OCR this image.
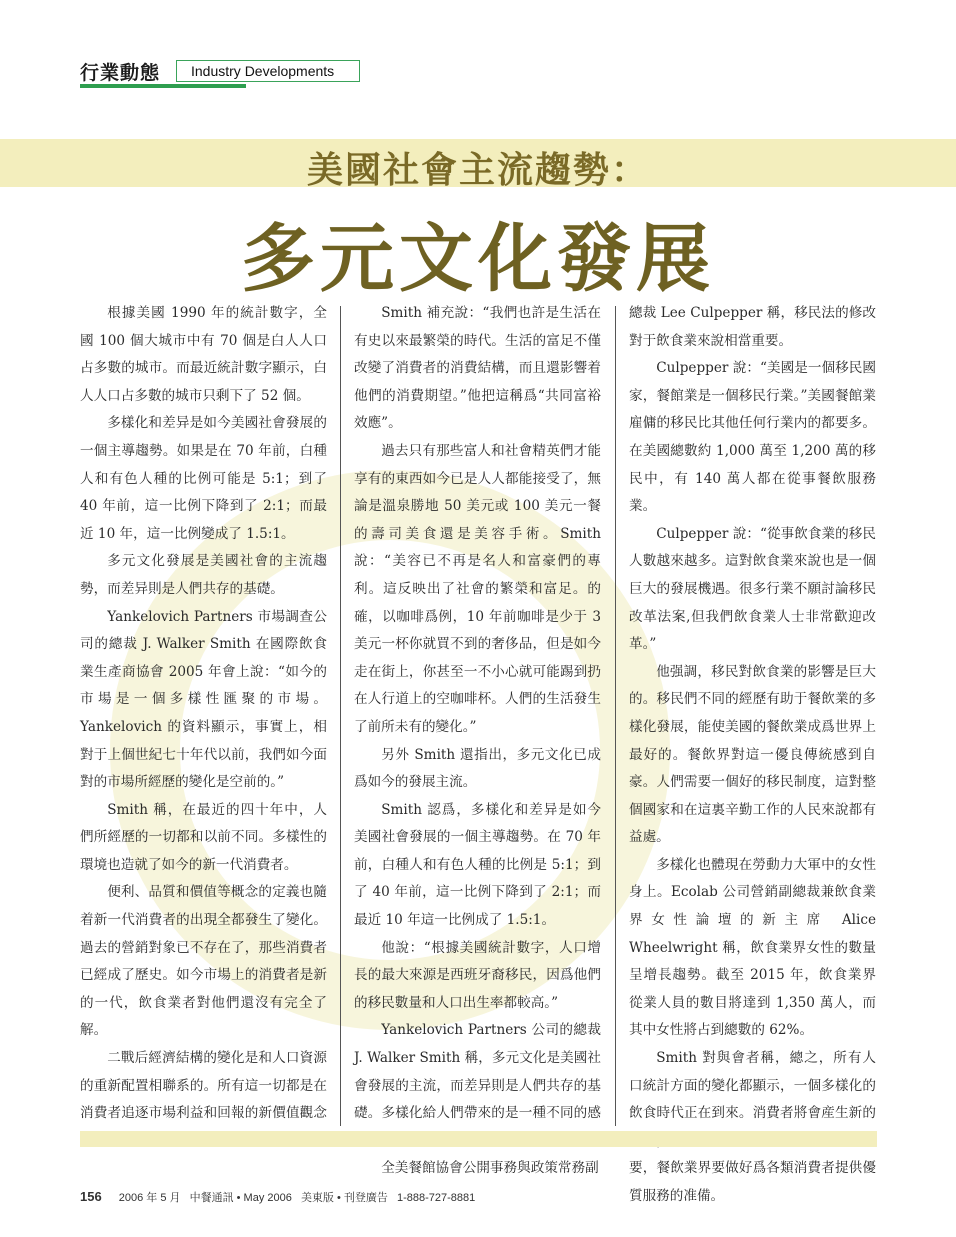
行業動態	Industry Developments
美國社會主流趨勢：
多元文化發展

根據美國 1990 年的統計數字，全國 100 個大城市中有 70 個是白人人口占多數的城市。而最近統計數字顯示，白人人口占多數的城市只剩下了 52 個。

多樣化和差异是如今美國社會發展的一個主導趨勢。如果是在 70 年前，白種人和有色人種的比例可能是 5:1；到了 40 年前，這一比例下降到了 2:1；而最近 10 年，這一比例變成了 1.5:1。

多元文化發展是美國社會的主流趨勢，而差异則是人們共存的基礎。

Yankelovich Partners 市場調查公司的總裁 J. Walker Smith 在國際飲食業生產商協會 2005 年會上說：“如今的市場是一個多樣性匯聚的市場。Yankelovich 的資料顯示，事實上，相對于上個世紀七十年代以前，我們如今面對的市場所經歷的變化是空前的。”

Smith 稱，在最近的四十年中，人們所經歷的一切都和以前不同。多樣性的環境也造就了如今的新一代消費者。

便利、品質和價值等概念的定義也隨着新一代消費者的出現全都發生了變化。過去的營銷對象已不存在了，那些消費者已經成了歷史。如今市場上的消費者是新的一代，飲食業者對他們還沒有完全了解。

二戰后經濟結構的變化是和人口資源的重新配置相聯系的。所有這一切都是在消費者追逐市場利益和回報的新價值觀念

Smith 補充說：“我們也許是生活在有史以來最繁榮的時代。生活的富足不僅改變了消費者的消費結構，而且還影響着他們的消費期望。”他把這稱爲“共同富裕效應”。

過去只有那些富人和社會精英們才能享有的東西如今已是人人都能接受了，無論是溫泉勝地 50 美元或 100 美元一餐的壽司美食還是美容手術。Smith 說：“美容已不再是名人和富豪們的專利。這反映出了社會的繁榮和富足。的確，以咖啡爲例，10 年前咖啡是少于 3 美元一杯你就買不到的奢侈品，但是如今走在街上，你甚至一不小心就可能踢到扔在人行道上的空咖啡杯。人們的生活發生了前所未有的變化。”

另外 Smith 還指出，多元文化已成爲如今的發展主流。

Smith 認爲，多樣化和差异是如今美國社會發展的一個主導趨勢。在 70 年前，白種人和有色人種的比例是 5:1；到了 40 年前，這一比例下降到了 2:1；而最近 10 年這一比例成了 1.5:1。

他說：“根據美國統計數字，人口增長的最大來源是西班牙裔移民，因爲他們的移民數量和人口出生率都較高。”

Yankelovich Partners 公司的總裁 J. Walker Smith 稱，多元文化是美國社會發展的主流，而差异則是人們共存的基礎。多樣化給人們帶來的是一種不同的感

全美餐館協會公開事務與政策常務副

總裁 Lee Culpepper 稱，移民法的修改對于飲食業來說相當重要。

Culpepper 說：“美國是一個移民國家，餐館業是一個移民行業。”美國餐館業雇傭的移民比其他任何行業内的都要多。在美國總數約 1,000 萬至 1,200 萬的移民中，有 140 萬人都在從事餐飲服務業。

Culpepper 說：“從事飲食業的移民人數越來越多。這對飲食業來說也是一個巨大的發展機遇。很多行業不願討論移民改革法案,但我們飲食業人士非常歡迎改革。”

他强調，移民對飲食業的影響是巨大的。移民們不同的經歷有助于餐飲業的多樣化發展，能使美國的餐飲業成爲世界上最好的。餐飲界對這一優良傳統感到自豪。人們需要一個好的移民制度，這對整個國家和在這裏辛勤工作的人民來說都有益處。

多樣化也體現在勞動力大軍中的女性身上。Ecolab 公司營銷副總裁兼飲食業界女性論壇的新主席 Alice Wheelwright 稱，飲食業界女性的數量呈增長趨勢。截至 2015 年，飲食業界從業人員的數目將達到 1,350 萬人，而其中女性將占到總數的 62%。

Smith 對與會者稱，總之，所有人口統計方面的變化都顯示，一個多樣化的飲食時代正在到來。消費者將會産生新的 要，餐飲業界要做好爲各類消費者提供優質服務的准備。

156 2006 年 5 月 中餐通訊 • May 2006 美東版 • 刊登廣告 1-888-727-8881
